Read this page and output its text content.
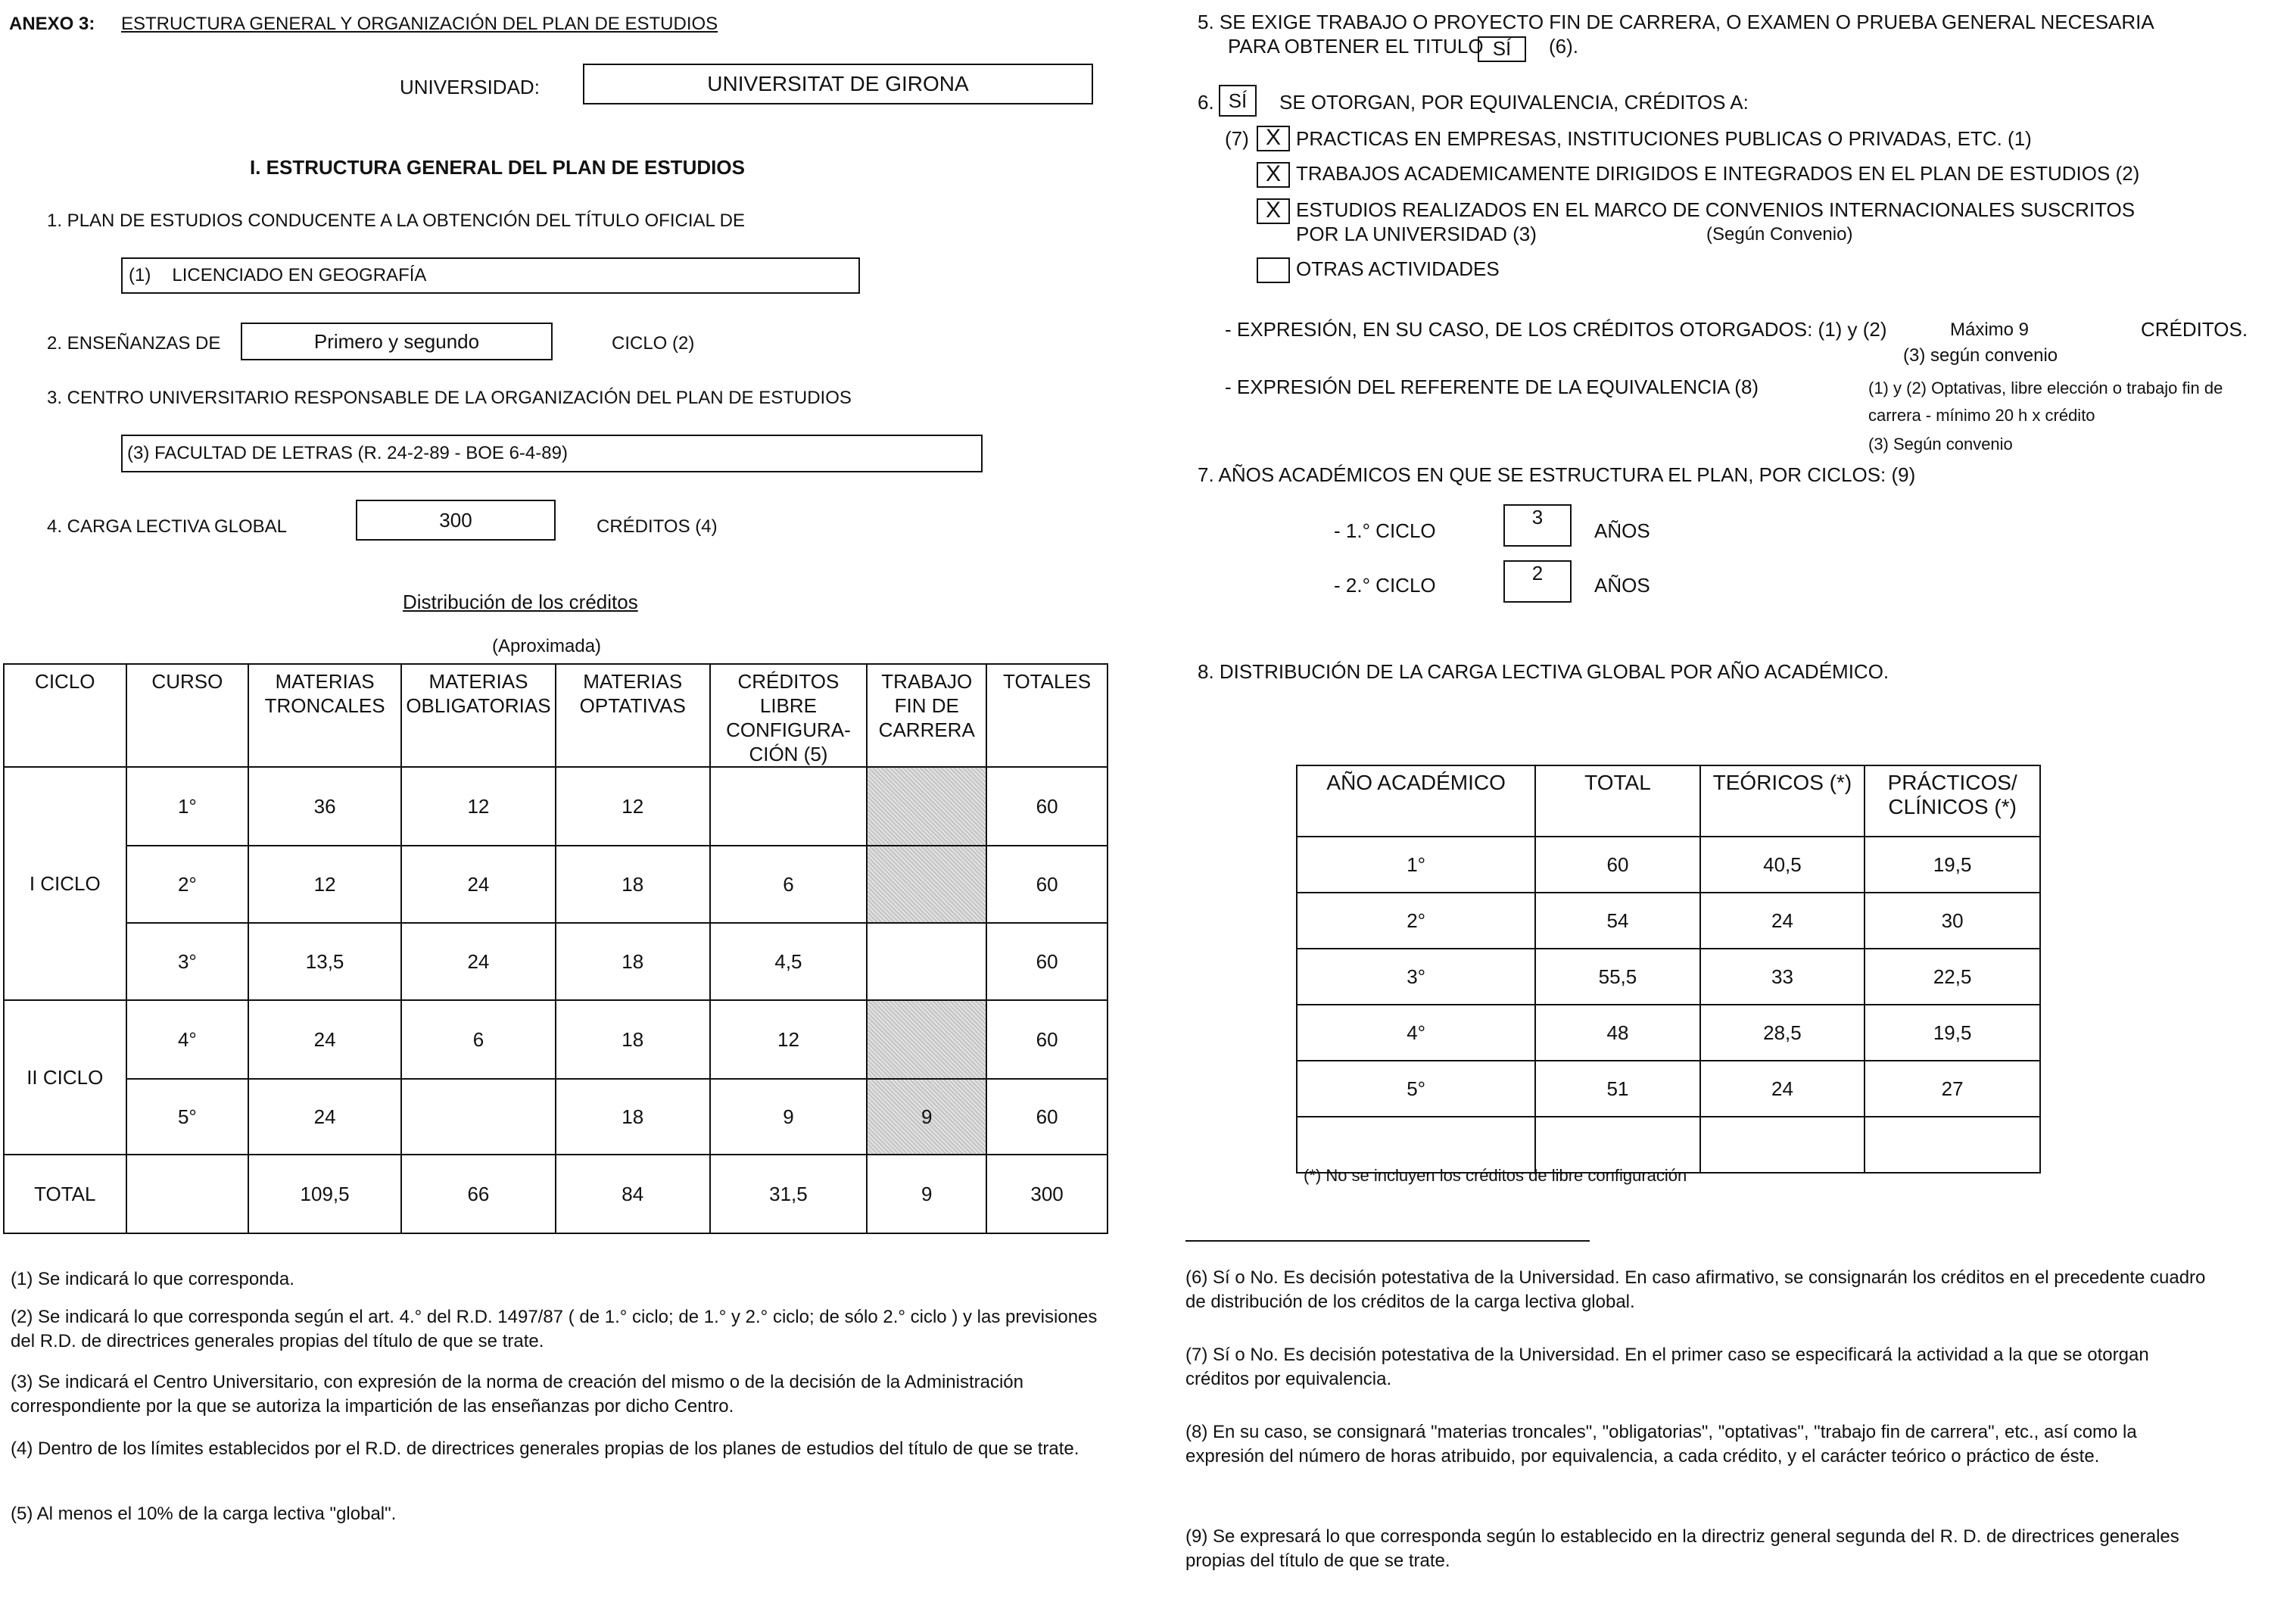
ANEXO 3: ESTRUCTURA GENERAL Y ORGANIZACIÓN DEL PLAN DE ESTUDIOS
UNIVERSIDAD:	UNIVERSITAT DE GIRONA
I. ESTRUCTURA GENERAL DEL PLAN DE ESTUDIOS
1. PLAN DE ESTUDIOS CONDUCENTE A LA OBTENCIÓN DEL TÍTULO OFICIAL DE
(1) LICENCIADO EN GEOGRAFÍA
2. ENSEÑANZAS DE	Primero y segundo	CICLO (2)
3. CENTRO UNIVERSITARIO RESPONSABLE DE LA ORGANIZACIÓN DEL PLAN DE ESTUDIOS
(3) FACULTAD DE LETRAS (R. 24-2-89 - BOE 6-4-89)
4. CARGA LECTIVA GLOBAL	300	CRÉDITOS (4)
Distribución de los créditos
(Aproximada)
CICLO	CURSO	MATERIAS TRONCALES	MATERIAS OBLIGATORIAS	MATERIAS OPTATIVAS	CRÉDITOS LIBRE CONFIGURA- CIÓN (5)	TRABAJO FIN DE CARRERA	TOTALES
I CICLO	1°	36	12	12			60
	2°	12	24	18	6		60
	3°	13,5	24	18	4,5		60
II CICLO	4°	24	6	18	12		60
	5°	24		18	9	9	60
TOTAL		109,5	66	84	31,5	9	300
(1) Se indicará lo que corresponda.
(2) Se indicará lo que corresponda según el art. 4.° del R.D. 1497/87 ( de 1.° ciclo; de 1.° y 2.° ciclo; de sólo 2.° ciclo ) y las previsiones del R.D. de directrices generales propias del título de que se trate.
(3) Se indicará el Centro Universitario, con expresión de la norma de creación del mismo o de la decisión de la Administración correspondiente por la que se autoriza la impartición de las enseñanzas por dicho Centro.
(4) Dentro de los límites establecidos por el R.D. de directrices generales propias de los planes de estudios del título de que se trate.
(5) Al menos el 10% de la carga lectiva "global".
5. SE EXIGE TRABAJO O PROYECTO FIN DE CARRERA, O EXAMEN O PRUEBA GENERAL NECESARIA
PARA OBTENER EL TITULO SÍ	(6).
6. SÍ	SE OTORGAN, POR EQUIVALENCIA, CRÉDITOS A:
(7) X PRACTICAS EN EMPRESAS, INSTITUCIONES PUBLICAS O PRIVADAS, ETC. (1)
X TRABAJOS ACADEMICAMENTE DIRIGIDOS E INTEGRADOS EN EL PLAN DE ESTUDIOS (2)
X ESTUDIOS REALIZADOS EN EL MARCO DE CONVENIOS INTERNACIONALES SUSCRITOS
POR LA UNIVERSIDAD (3)	(Según Convenio)
OTRAS ACTIVIDADES
- EXPRESIÓN, EN SU CASO, DE LOS CRÉDITOS OTORGADOS: (1) y (2)	Máximo 9	CRÉDITOS.
(3) según convenio
- EXPRESIÓN DEL REFERENTE DE LA EQUIVALENCIA (8)	(1) y (2) Optativas, libre elección o trabajo fin de
carrera - mínimo 20 h x crédito
(3) Según convenio
7. AÑOS ACADÉMICOS EN QUE SE ESTRUCTURA EL PLAN, POR CICLOS: (9)
- 1.° CICLO
3
AÑOS
- 2.° CICLO
2
AÑOS
8. DISTRIBUCIÓN DE LA CARGA LECTIVA GLOBAL POR AÑO ACADÉMICO.
AÑO ACADÉMICO	TOTAL	TEÓRICOS (*)	PRÁCTICOS/ CLÍNICOS (*)
1°	60	40,5	19,5
2°	54	24	30
3°	55,5	33	22,5
4°	48	28,5	19,5
5°	51	24	27

(*) No se incluyen los créditos de libre configuración
(6) Sí o No. Es decisión potestativa de la Universidad. En caso afirmativo, se consignarán los créditos en el precedente cuadro de distribución de los créditos de la carga lectiva global.
(7) Sí o No. Es decisión potestativa de la Universidad. En el primer caso se especificará la actividad a la que se otorgan créditos por equivalencia.
(8) En su caso, se consignará "materias troncales", "obligatorias", "optativas", "trabajo fin de carrera", etc., así como la expresión del número de horas atribuido, por equivalencia, a cada crédito, y el carácter teórico o práctico de éste.
(9) Se expresará lo que corresponda según lo establecido en la directriz general segunda del R. D. de directrices generales propias del título de que se trate.
